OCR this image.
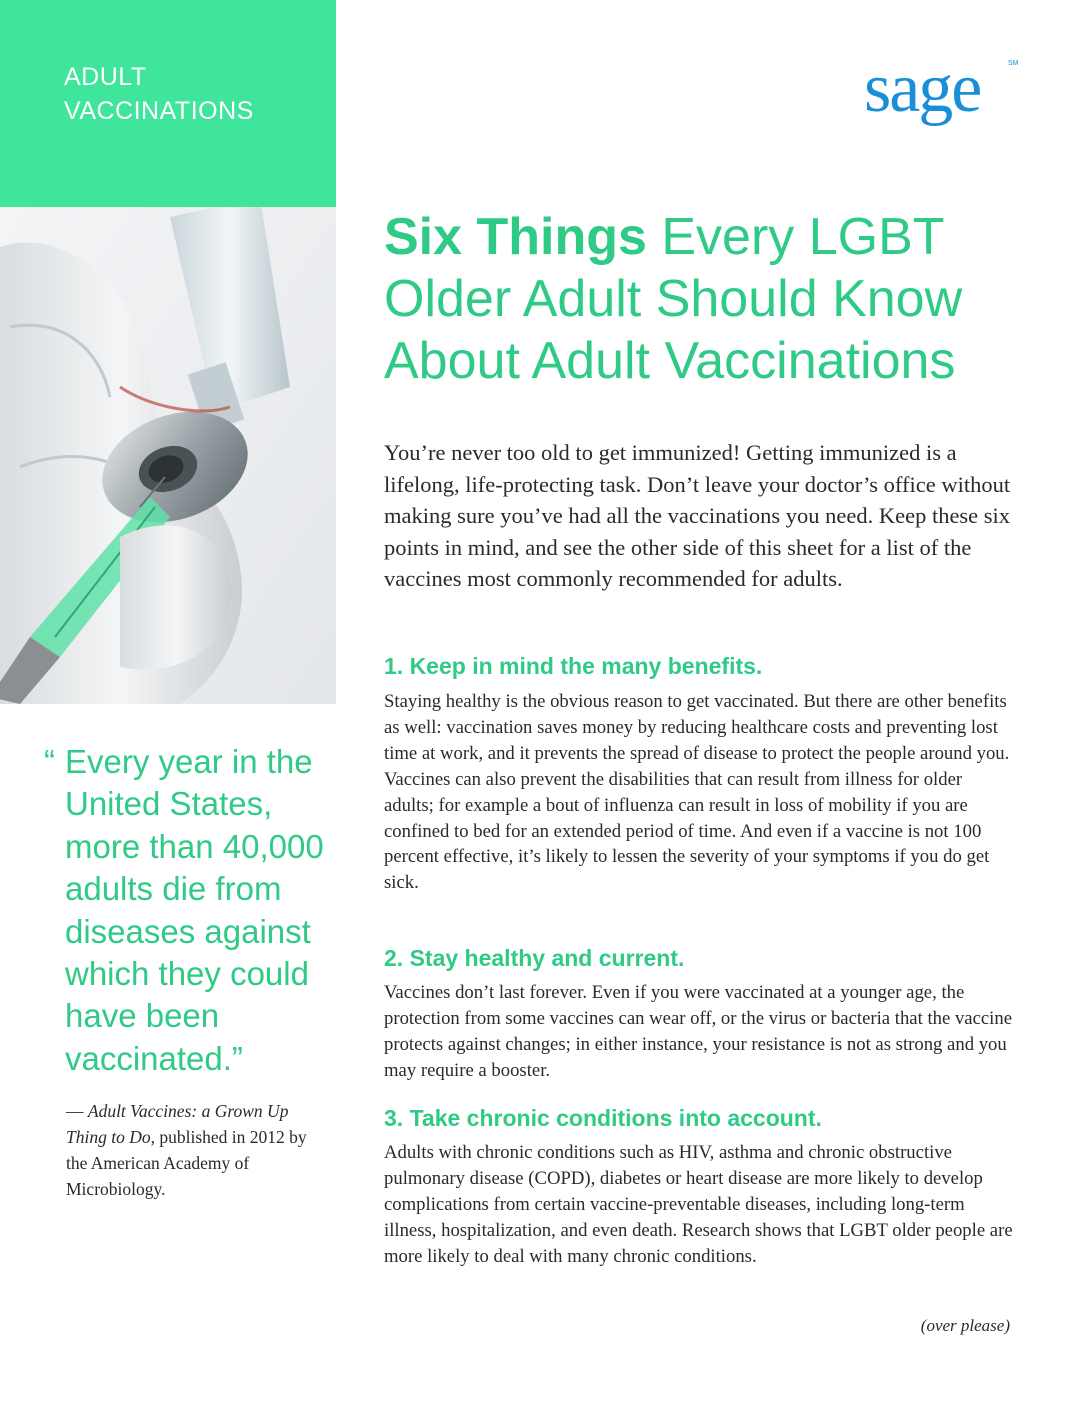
ADULT
VACCINATIONS	sage	SM
Six Things Every LGBT
Older Adult Should Know
About Adult Vaccinations
You’re never too old to get immunized! Getting immunized is a lifelong, life-protecting task. Don’t leave your doctor’s office without making sure you’ve had all the vaccinations you need. Keep these six points in mind, and see the other side of this sheet for a list of the vaccines most commonly recommended for adults.
1. Keep in mind the many benefits.
Staying healthy is the obvious reason to get vaccinated. But there are other benefits as well: vaccination saves money by reducing healthcare costs and preventing lost time at work, and it prevents the spread of disease to protect the people around you. Vaccines can also prevent the disabilities that can result from illness for older adults; for example a bout of influenza can result in loss of mobility if you are confined to bed for an extended period of time. And even if a vaccine is not 100 percent effective, it’s likely to lessen the severity of your symptoms if you do get sick.
2. Stay healthy and current.
Vaccines don’t last forever. Even if you were vaccinated at a younger age, the protection from some vaccines can wear off, or the virus or bacteria that the vaccine protects against changes; in either instance, your resistance is not as strong and you may require a booster.
3. Take chronic conditions into account.
Adults with chronic conditions such as HIV, asthma and chronic obstructive pulmonary disease (COPD), diabetes or heart disease are more likely to develop complications from certain vaccine-preventable diseases, including long-term illness, hospitalization, and even death. Research shows that LGBT older people are more likely to deal with many chronic conditions.
“ Every year in the United States, more than 40,000 adults die from diseases against which they could have been vaccinated.”
— Adult Vaccines: a Grown Up Thing to Do, published in 2012 by the American Academy of Microbiology.
(over please)
